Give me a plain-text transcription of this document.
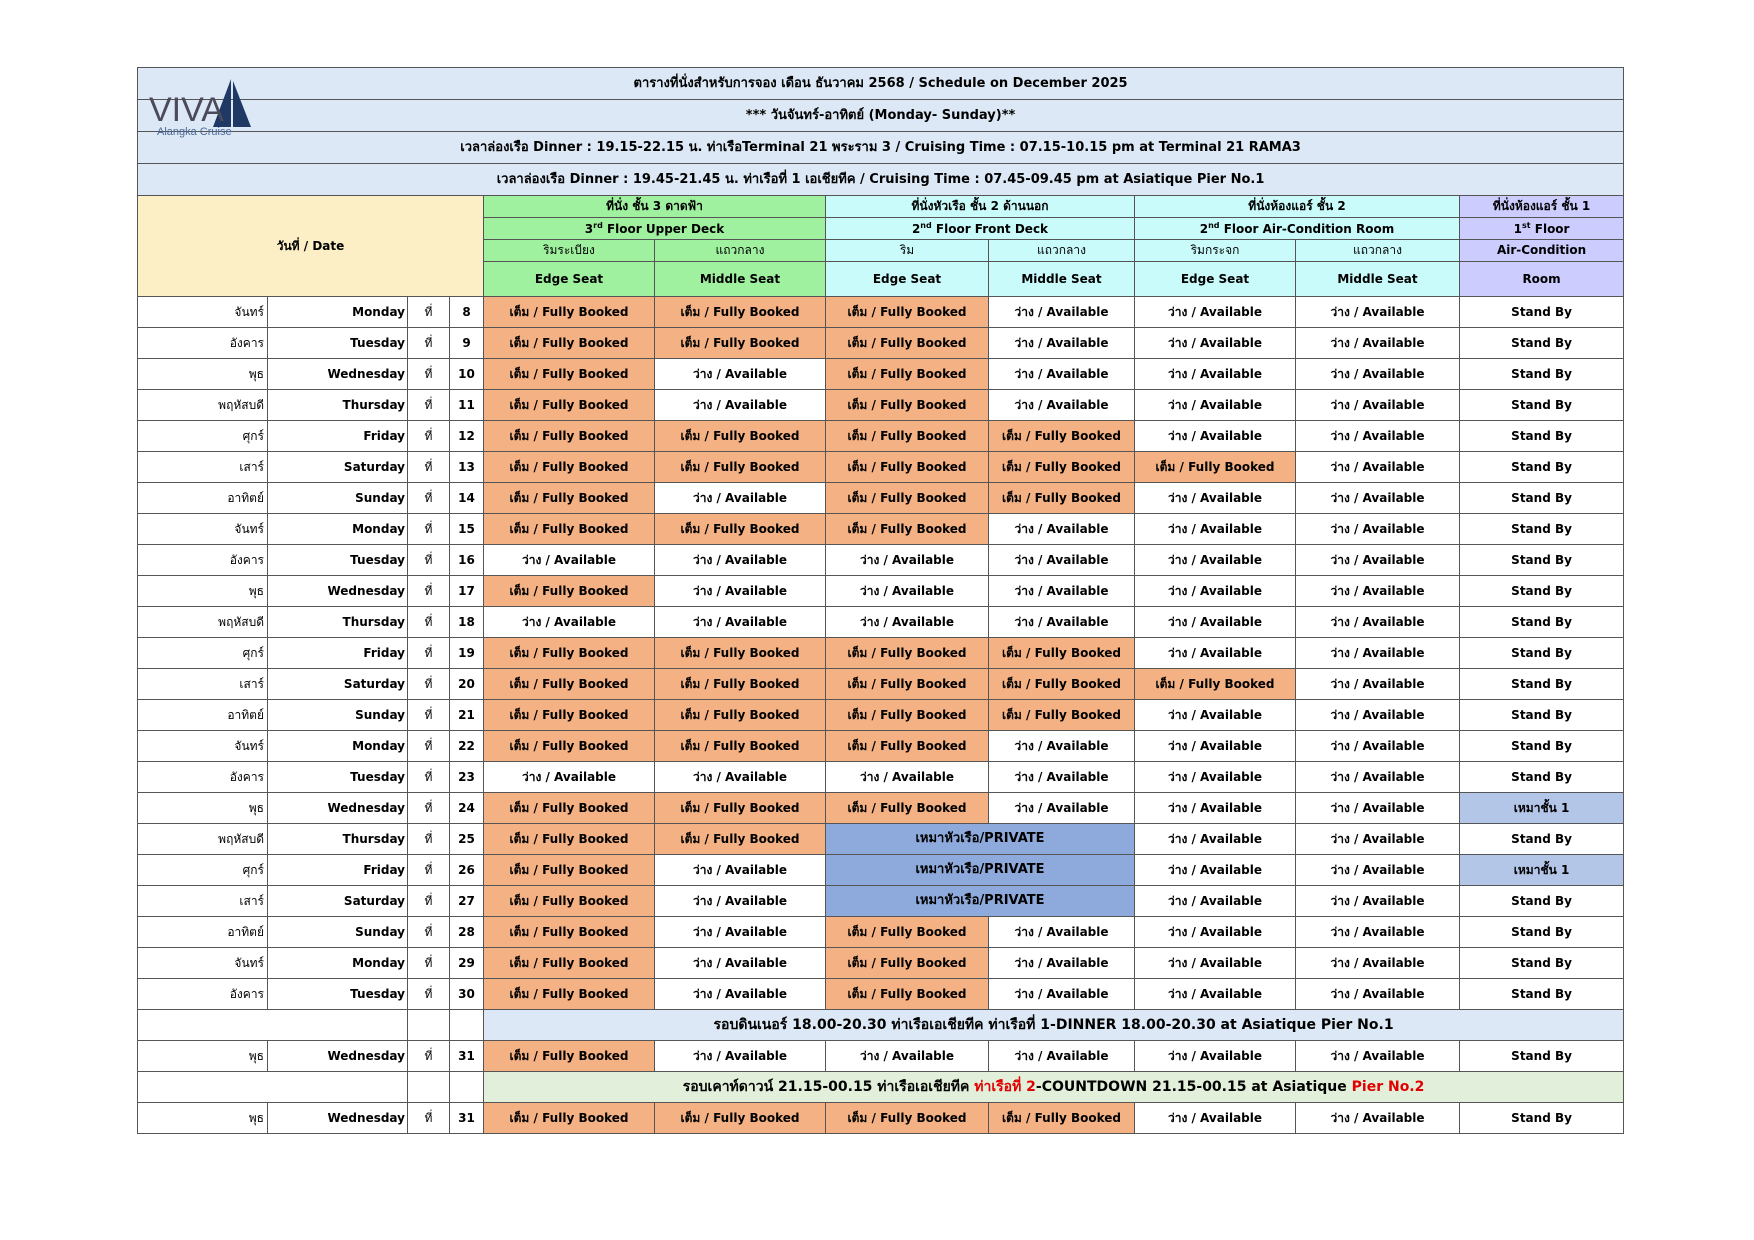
VIVA
Alangka Cruise
ตารางที่นั่งสำหรับการจอง เดือน ธันวาคม 2568 / Schedule on December 2025										
*** วันจันทร์-อาทิตย์ (Monday- Sunday)**										
เวลาล่องเรือ Dinner : 19.15-22.15 น. ท่าเรือTerminal 21 พระราม 3 / Cruising Time : 07.15-10.15 pm at Terminal 21 RAMA3										
เวลาล่องเรือ Dinner : 19.45-21.45 น. ท่าเรือที่ 1 เอเชียทีค / Cruising Time : 07.45-09.45 pm at Asiatique Pier No.1										
วันที่ / Date				ที่นั่ง ชั้น 3 ดาดฟ้า		ที่นั่งหัวเรือ ชั้น 2 ด้านนอก		ที่นั่งห้องแอร์ ชั้น 2		ที่นั่งห้องแอร์ ชั้น 1
				3rd Floor Upper Deck		2nd Floor Front Deck		2nd Floor Air-Condition Room		1st Floor
				ริมระเบียง	แถวกลาง	ริม	แถวกลาง	ริมกระจก	แถวกลาง	Air-Condition
				Edge Seat	Middle Seat	Edge Seat	Middle Seat	Edge Seat	Middle Seat	Room
จันทร์	Monday	ที่	8	เต็ม / Fully Booked	เต็ม / Fully Booked	เต็ม / Fully Booked	ว่าง / Available	ว่าง / Available	ว่าง / Available	Stand By
อังคาร	Tuesday	ที่	9	เต็ม / Fully Booked	เต็ม / Fully Booked	เต็ม / Fully Booked	ว่าง / Available	ว่าง / Available	ว่าง / Available	Stand By
พุธ	Wednesday	ที่	10	เต็ม / Fully Booked	ว่าง / Available	เต็ม / Fully Booked	ว่าง / Available	ว่าง / Available	ว่าง / Available	Stand By
พฤหัสบดี	Thursday	ที่	11	เต็ม / Fully Booked	ว่าง / Available	เต็ม / Fully Booked	ว่าง / Available	ว่าง / Available	ว่าง / Available	Stand By
ศุกร์	Friday	ที่	12	เต็ม / Fully Booked	เต็ม / Fully Booked	เต็ม / Fully Booked	เต็ม / Fully Booked	ว่าง / Available	ว่าง / Available	Stand By
เสาร์	Saturday	ที่	13	เต็ม / Fully Booked	เต็ม / Fully Booked	เต็ม / Fully Booked	เต็ม / Fully Booked	เต็ม / Fully Booked	ว่าง / Available	Stand By
อาทิตย์	Sunday	ที่	14	เต็ม / Fully Booked	ว่าง / Available	เต็ม / Fully Booked	เต็ม / Fully Booked	ว่าง / Available	ว่าง / Available	Stand By
จันทร์	Monday	ที่	15	เต็ม / Fully Booked	เต็ม / Fully Booked	เต็ม / Fully Booked	ว่าง / Available	ว่าง / Available	ว่าง / Available	Stand By
อังคาร	Tuesday	ที่	16	ว่าง / Available	ว่าง / Available	ว่าง / Available	ว่าง / Available	ว่าง / Available	ว่าง / Available	Stand By
พุธ	Wednesday	ที่	17	เต็ม / Fully Booked	ว่าง / Available	ว่าง / Available	ว่าง / Available	ว่าง / Available	ว่าง / Available	Stand By
พฤหัสบดี	Thursday	ที่	18	ว่าง / Available	ว่าง / Available	ว่าง / Available	ว่าง / Available	ว่าง / Available	ว่าง / Available	Stand By
ศุกร์	Friday	ที่	19	เต็ม / Fully Booked	เต็ม / Fully Booked	เต็ม / Fully Booked	เต็ม / Fully Booked	ว่าง / Available	ว่าง / Available	Stand By
เสาร์	Saturday	ที่	20	เต็ม / Fully Booked	เต็ม / Fully Booked	เต็ม / Fully Booked	เต็ม / Fully Booked	เต็ม / Fully Booked	ว่าง / Available	Stand By
อาทิตย์	Sunday	ที่	21	เต็ม / Fully Booked	เต็ม / Fully Booked	เต็ม / Fully Booked	เต็ม / Fully Booked	ว่าง / Available	ว่าง / Available	Stand By
จันทร์	Monday	ที่	22	เต็ม / Fully Booked	เต็ม / Fully Booked	เต็ม / Fully Booked	ว่าง / Available	ว่าง / Available	ว่าง / Available	Stand By
อังคาร	Tuesday	ที่	23	ว่าง / Available	ว่าง / Available	ว่าง / Available	ว่าง / Available	ว่าง / Available	ว่าง / Available	Stand By
พุธ	Wednesday	ที่	24	เต็ม / Fully Booked	เต็ม / Fully Booked	เต็ม / Fully Booked	ว่าง / Available	ว่าง / Available	ว่าง / Available	เหมาชั้น 1
พฤหัสบดี	Thursday	ที่	25	เต็ม / Fully Booked	เต็ม / Fully Booked	เหมาหัวเรือ/PRIVATE		ว่าง / Available	ว่าง / Available	Stand By
ศุกร์	Friday	ที่	26	เต็ม / Fully Booked	ว่าง / Available	เหมาหัวเรือ/PRIVATE		ว่าง / Available	ว่าง / Available	เหมาชั้น 1
เสาร์	Saturday	ที่	27	เต็ม / Fully Booked	ว่าง / Available	เหมาหัวเรือ/PRIVATE		ว่าง / Available	ว่าง / Available	Stand By
อาทิตย์	Sunday	ที่	28	เต็ม / Fully Booked	ว่าง / Available	เต็ม / Fully Booked	ว่าง / Available	ว่าง / Available	ว่าง / Available	Stand By
จันทร์	Monday	ที่	29	เต็ม / Fully Booked	ว่าง / Available	เต็ม / Fully Booked	ว่าง / Available	ว่าง / Available	ว่าง / Available	Stand By
อังคาร	Tuesday	ที่	30	เต็ม / Fully Booked	ว่าง / Available	เต็ม / Fully Booked	ว่าง / Available	ว่าง / Available	ว่าง / Available	Stand By
				รอบดินเนอร์ 18.00-20.30 ท่าเรือเอเชียทีค ท่าเรือที่ 1-DINNER 18.00-20.30 at Asiatique Pier No.1						
พุธ	Wednesday	ที่	31	เต็ม / Fully Booked	ว่าง / Available	ว่าง / Available	ว่าง / Available	ว่าง / Available	ว่าง / Available	Stand By
				รอบเคาท์ดาวน์ 21.15-00.15 ท่าเรือเอเชียทีค ท่าเรือที่ 2-COUNTDOWN 21.15-00.15 at Asiatique Pier No.2						
พุธ	Wednesday	ที่	31	เต็ม / Fully Booked	เต็ม / Fully Booked	เต็ม / Fully Booked	เต็ม / Fully Booked	ว่าง / Available	ว่าง / Available	Stand By
